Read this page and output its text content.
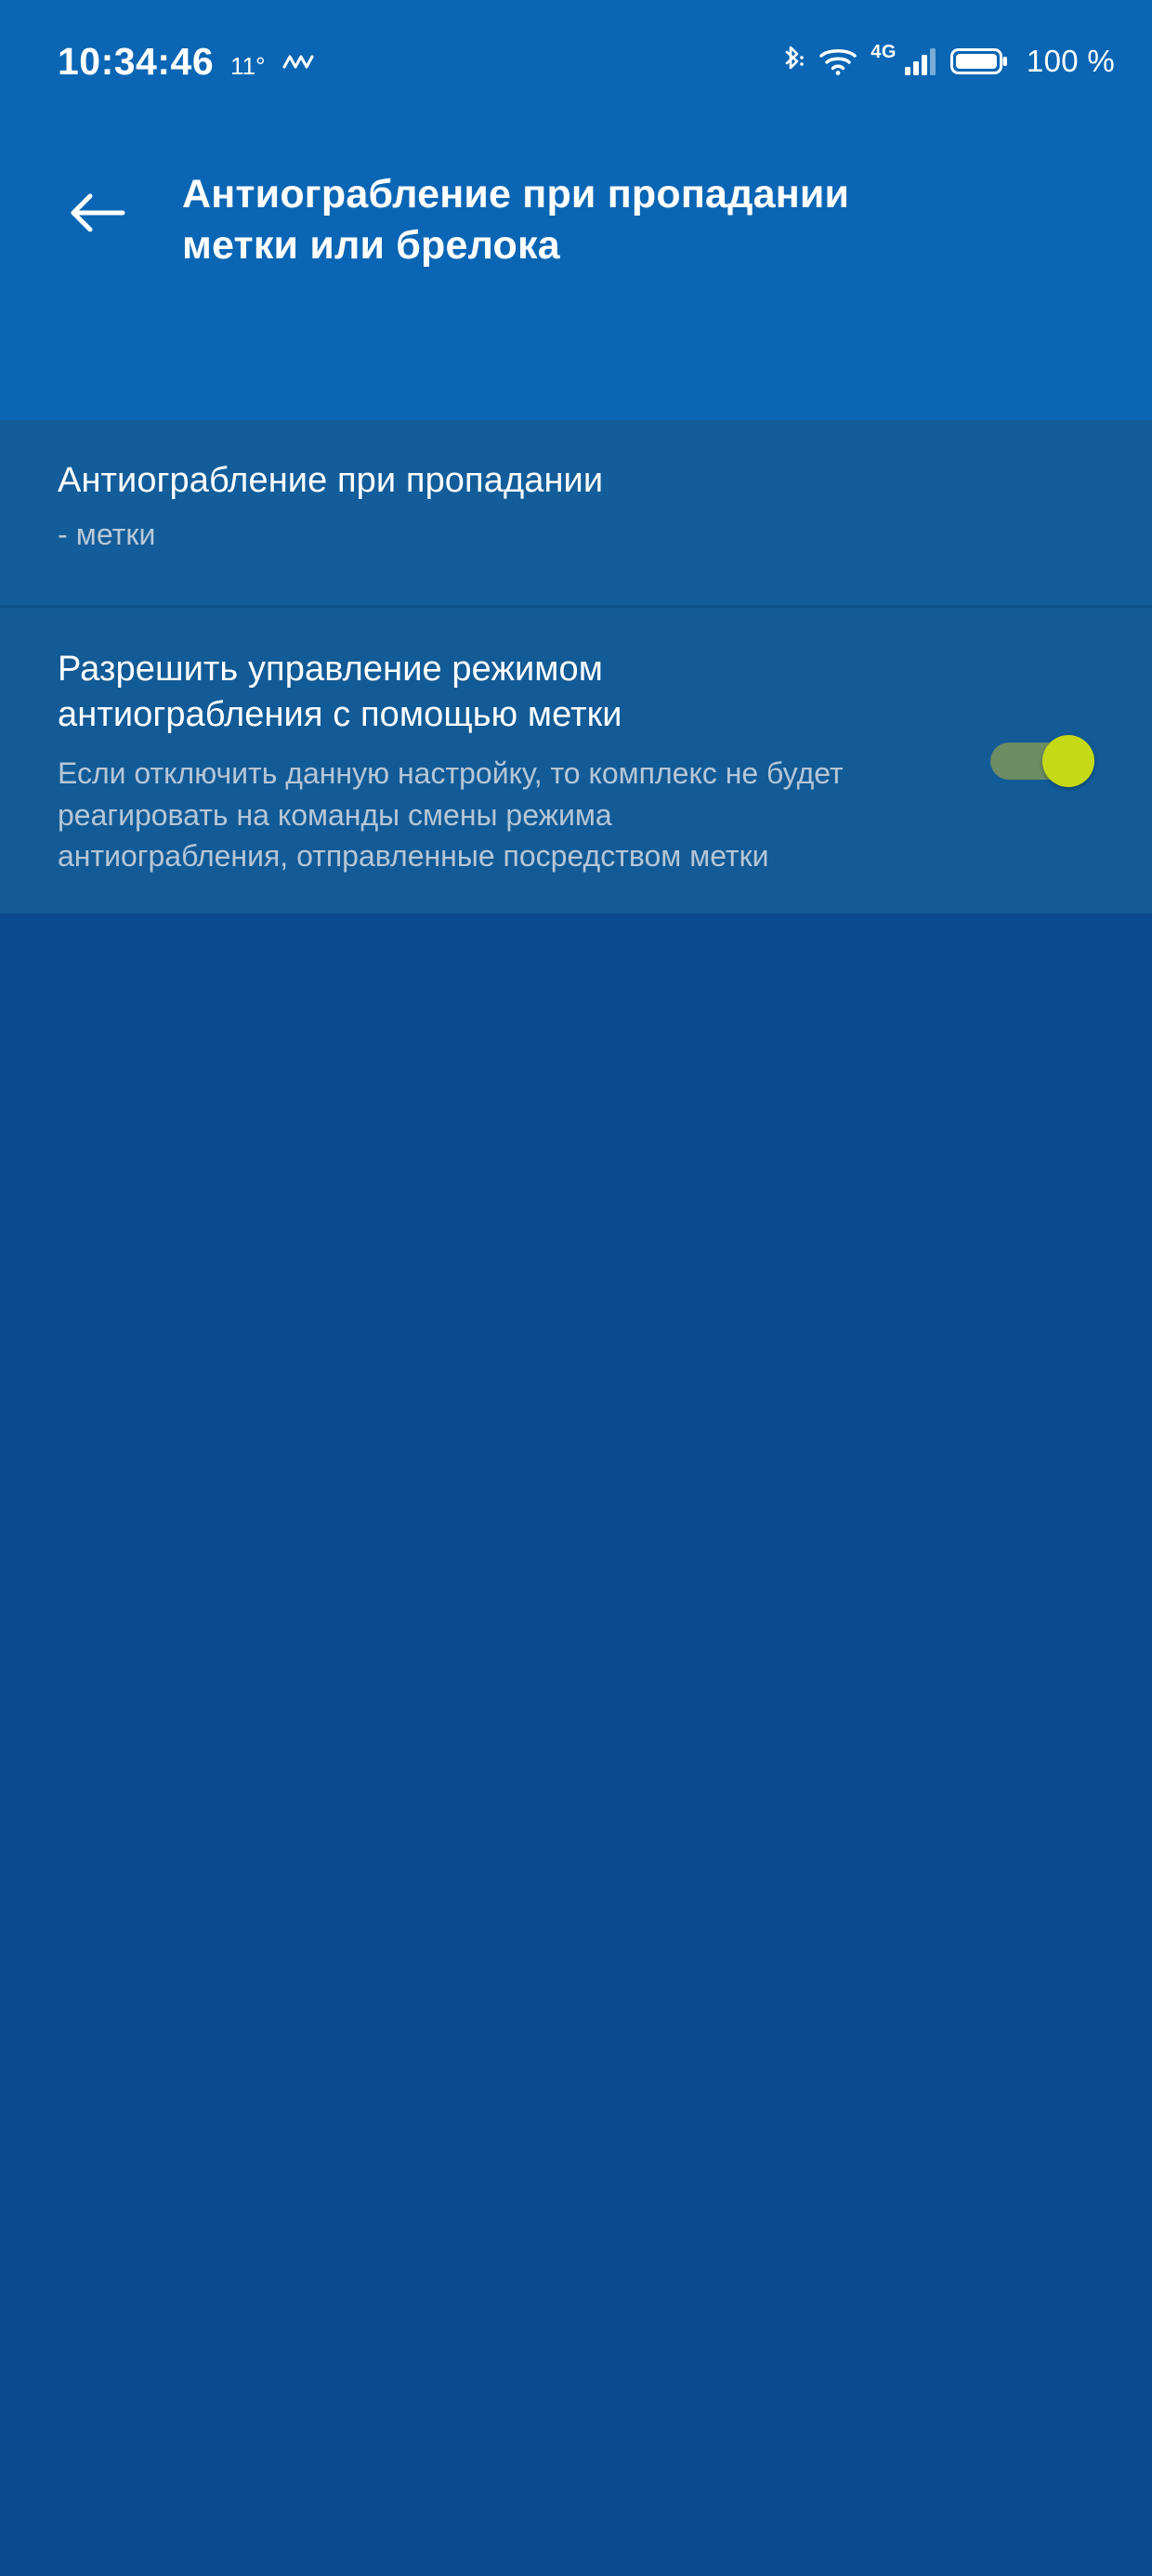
10:34:46 11°	4G	100 %
Антиограбление при пропадании метки или брелока
Антиограбление при пропадании
- метки
Разрешить управление режимом антиограбления с помощью метки
Если отключить данную настройку, то комплекс не будет реагировать на команды смены режима антиограбления, отправленные посредством метки
